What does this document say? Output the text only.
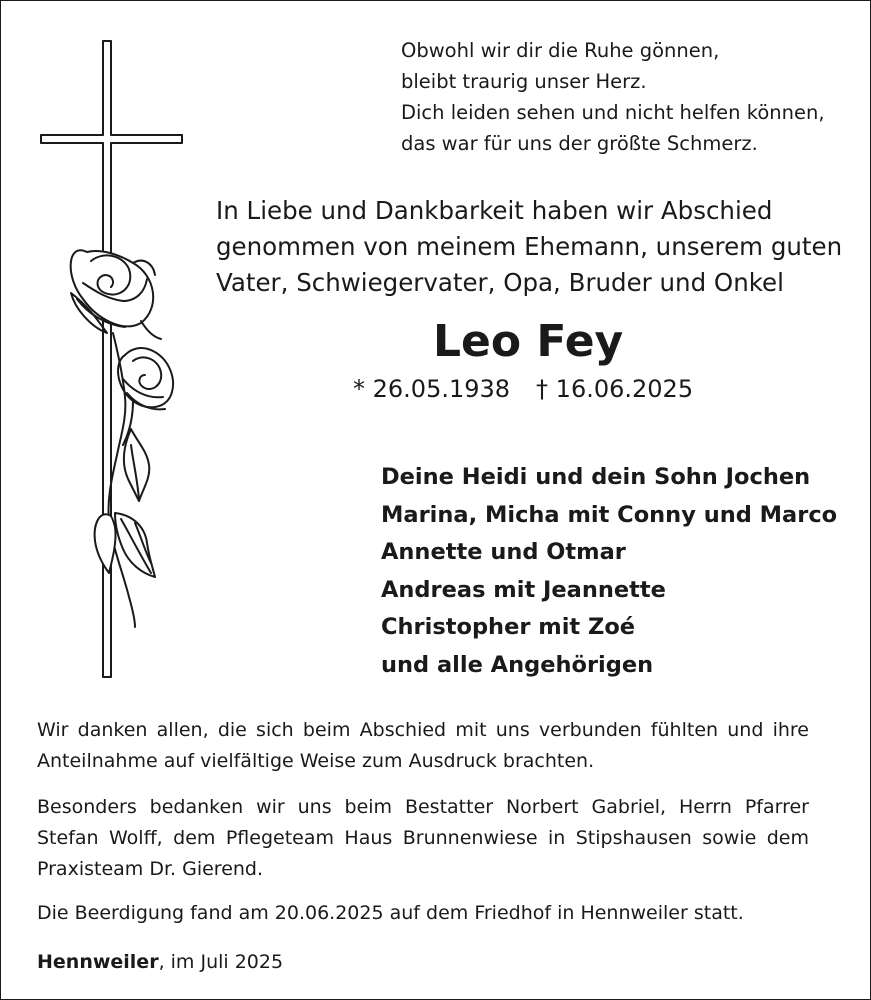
Obwohl wir dir die Ruhe gönnen,
bleibt traurig unser Herz.
Dich leiden sehen und nicht helfen können,
das war für uns der größte Schmerz.
In Liebe und Dankbarkeit haben wir Abschied
genommen von meinem Ehemann, unserem guten
Vater, Schwiegervater, Opa, Bruder und Onkel
Leo Fey
* 26.05.1938 † 16.06.2025
Deine Heidi und dein Sohn Jochen
Marina, Micha mit Conny und Marco
Annette und Otmar
Andreas mit Jeannette
Christopher mit Zoé
und alle Angehörigen

Wir danken allen, die sich beim Abschied mit uns verbunden fühlten und ihre Anteilnahme auf vielfältige Weise zum Ausdruck brachten.

Besonders bedanken wir uns beim Bestatter Norbert Gabriel, Herrn Pfarrer Stefan Wolff, dem Pflegeteam Haus Brunnenwiese in Stipshausen sowie dem Praxisteam Dr. Gierend.

Die Beerdigung fand am 20.06.2025 auf dem Friedhof in Hennweiler statt.

Hennweiler, im Juli 2025
